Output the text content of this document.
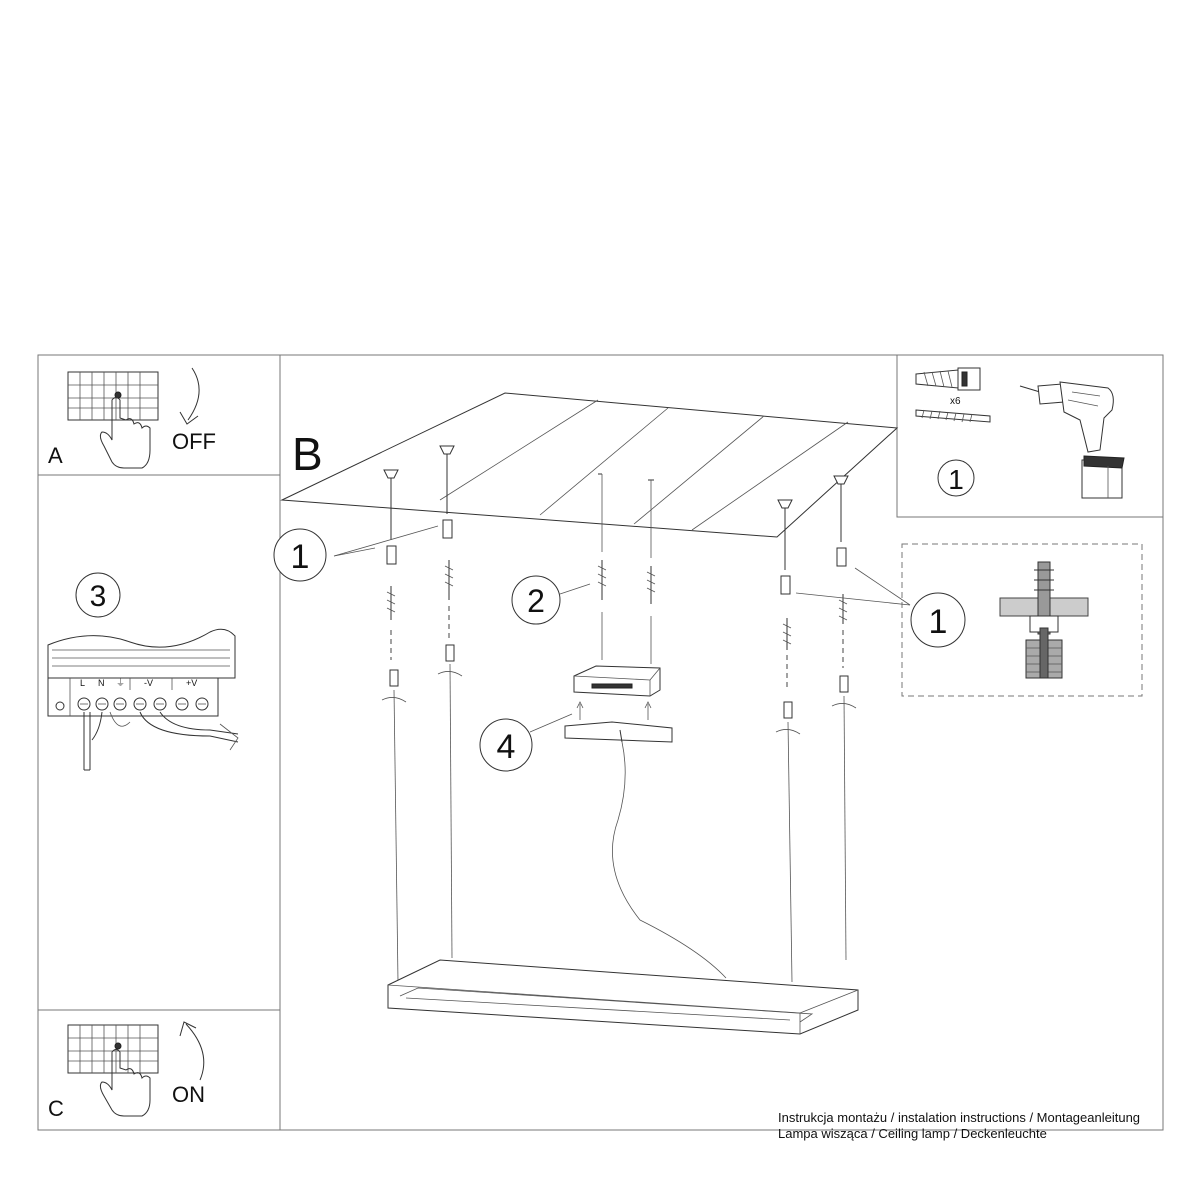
A
OFF
C
ON
3
L N ⏚ -V	+V
B
1
2
4
1
x6
1
Instrukcja montażu / instalation instructions / Montageanleitung
Lampa wisząca / Ceiling lamp / Deckenleuchte
